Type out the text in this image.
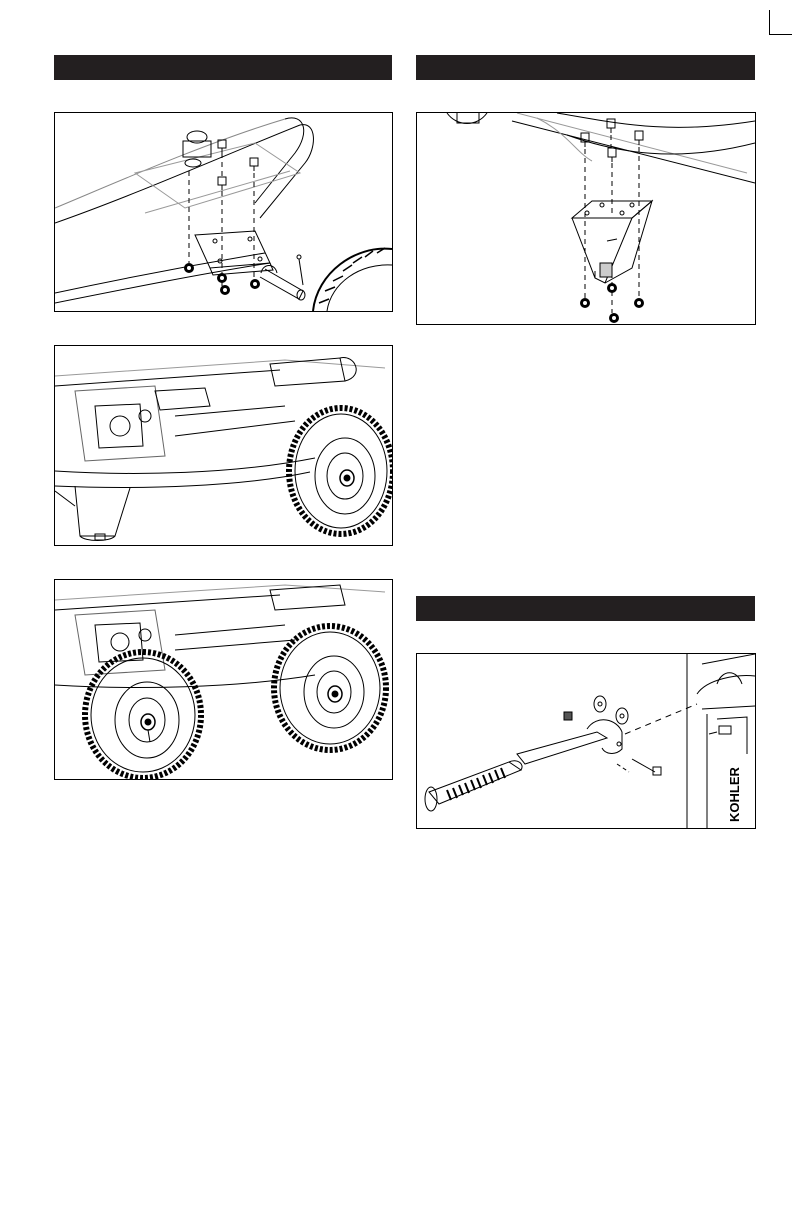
KOHLER
